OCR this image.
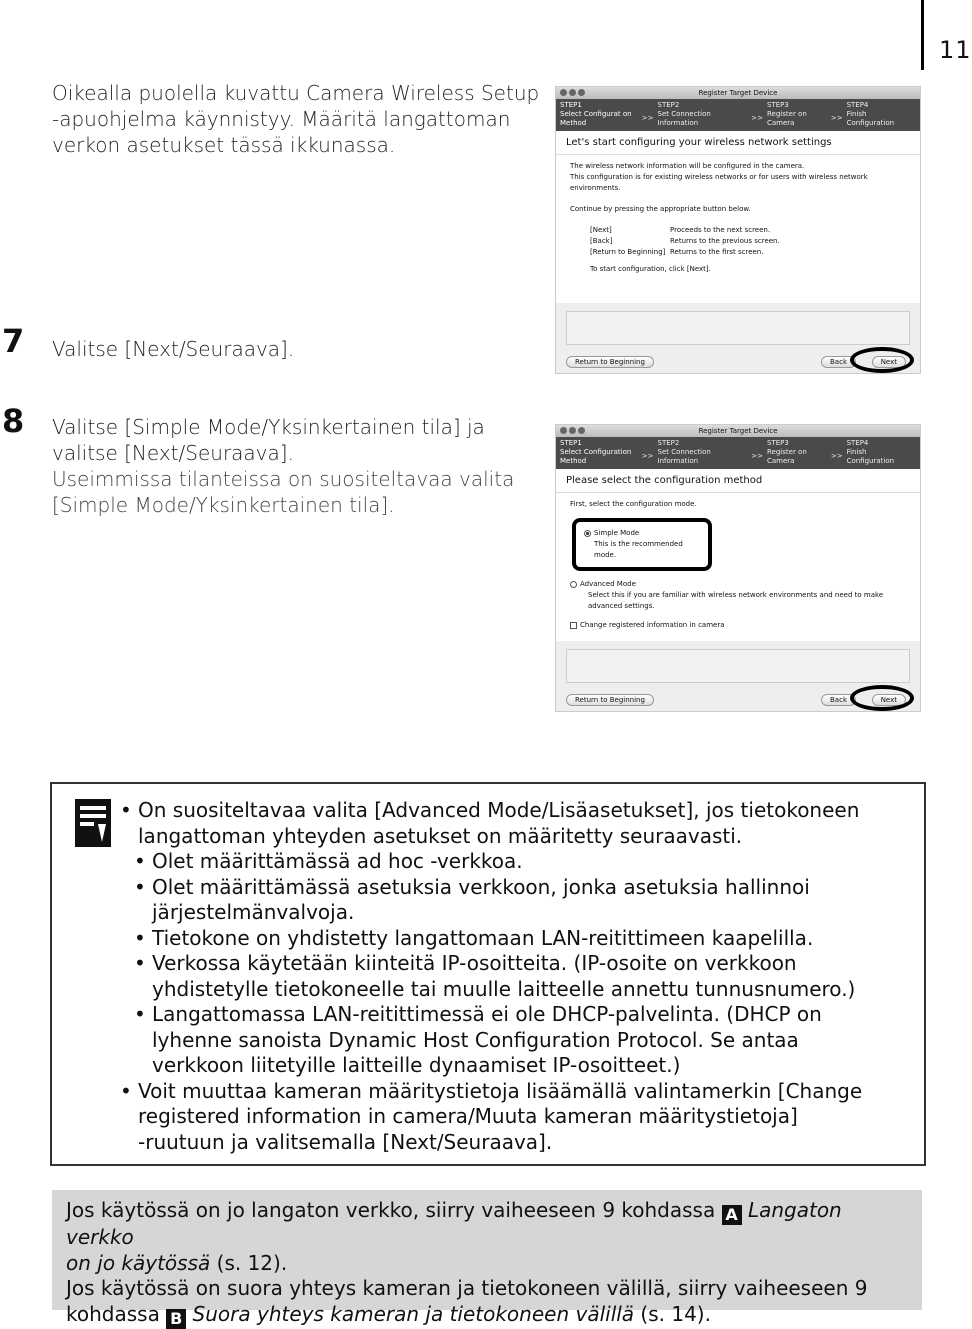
11
Oikealla puolella kuvattu Camera Wireless Setup
-apuohjelma käynnistyy. Määritä langattoman
verkon asetukset tässä ikkunassa.
7 Valitse [Next/Seuraava].
8 Valitse [Simple Mode/Yksinkertainen tila] ja
valitse [Next/Seuraava].
Useimmissa tilanteissa on suositeltavaa valita
[Simple Mode/Yksinkertainen tila].
Register Target Device
STEP1
Select Configurat on
Method
>>
STEP2
Set Connection
Information
>>
STEP3
Register on
Camera
>>
STEP4
Finish Configuration
Let's start configuring your wireless network settings
The wireless network information will be configured in the camera.
This configuration is for existing wireless networks or for users with wireless network environments.
Continue by pressing the appropriate button below.
[Next]	Proceeds to the next screen.
[Back]	Returns to the previous screen.
[Return to Beginning] Returns to the first screen.
To start configuration, click [Next].
Return to Beginning	Back	Next
Register Target Device
STEP1
Select Configuration
Method
>>
STEP2
Set Connection
Information
>>
STEP3
Register on
Camera
>>
STEP4
Finish Configuration
Please select the configuration method
First, select the configuration mode.
Simple Mode
This is the recommended mode.
Advanced Mode
Select this if you are familiar with wireless network environments and need to make advanced settings.
Change registered information in camera
Return to Beginning	Back	Next
• On suositeltavaa valita [Advanced Mode/Lisäasetukset], jos tietokoneen
langattoman yhteyden asetukset on määritetty seuraavasti.
• Olet määrittämässä ad hoc -verkkoa.
• Olet määrittämässä asetuksia verkkoon, jonka asetuksia hallinnoi
järjestelmänvalvoja.
• Tietokone on yhdistetty langattomaan LAN-reitittimeen kaapelilla.
• Verkossa käytetään kiinteitä IP-osoitteita. (IP-osoite on verkkoon
yhdistetylle tietokoneelle tai muulle laitteelle annettu tunnusnumero.)
• Langattomassa LAN-reitittimessä ei ole DHCP-palvelinta. (DHCP on
lyhenne sanoista Dynamic Host Configuration Protocol. Se antaa
verkkoon liitetyille laitteille dynaamiset IP-osoitteet.)
• Voit muuttaa kameran määritystietoja lisäämällä valintamerkin [Change
registered information in camera/Muuta kameran määritystietoja]
-ruutuun ja valitsemalla [Next/Seuraava].
Jos käytössä on jo langaton verkko, siirry vaiheeseen 9 kohdassa A Langaton verkko
on jo käytössä (s. 12).
Jos käytössä on suora yhteys kameran ja tietokoneen välillä, siirry vaiheeseen 9
kohdassa B Suora yhteys kameran ja tietokoneen välillä (s. 14).
